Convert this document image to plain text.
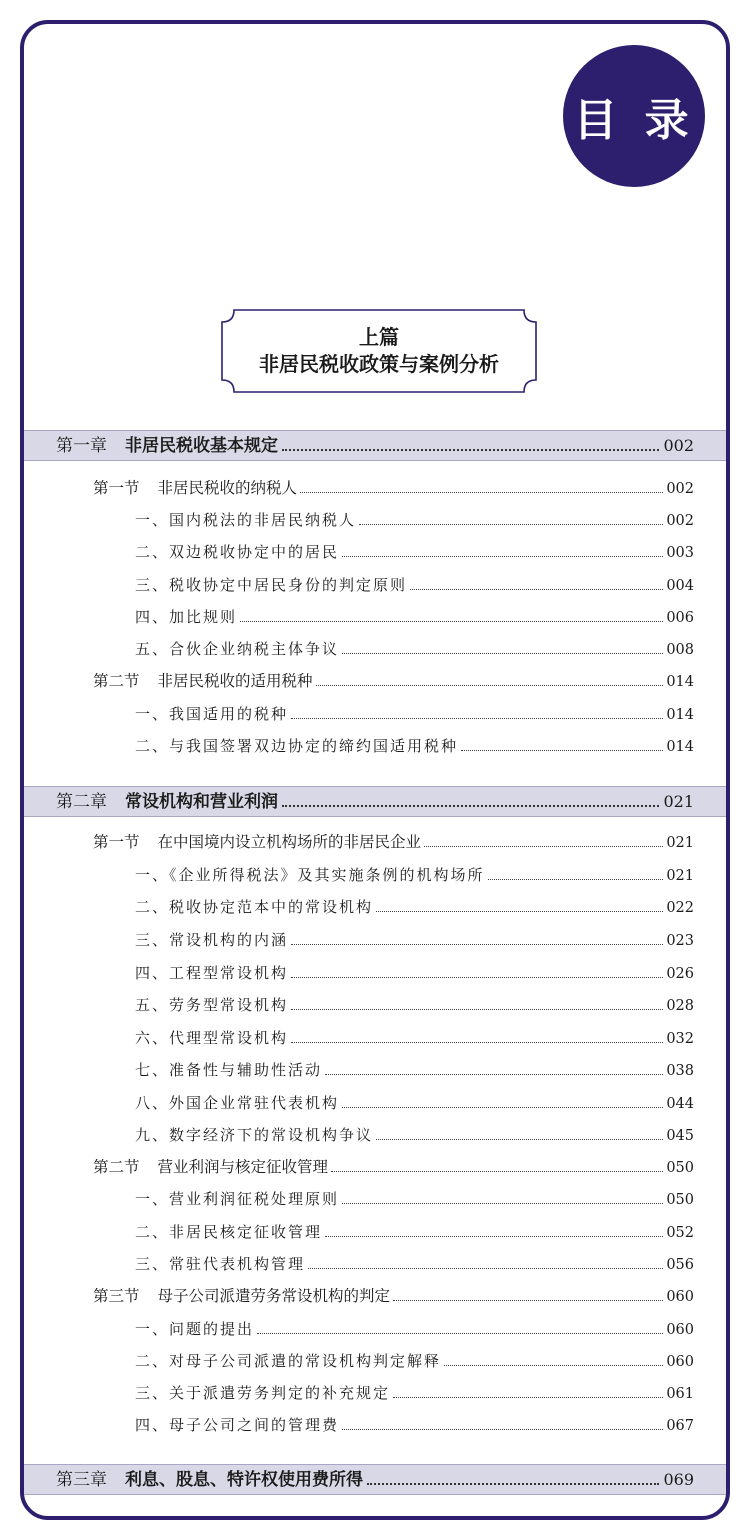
目 录
上篇
非居民税收政策与案例分析
第一章 非居民税收基本规定	002
第一节 非居民税收的纳税人	002
一、国内税法的非居民纳税人	002
二、双边税收协定中的居民	003
三、税收协定中居民身份的判定原则	004
四、加比规则	006
五、合伙企业纳税主体争议	008
第二节 非居民税收的适用税种	014
一、我国适用的税种	014
二、与我国签署双边协定的缔约国适用税种	014
第二章 常设机构和营业利润	021
第一节 在中国境内设立机构场所的非居民企业	021
一、《企业所得税法》及其实施条例的机构场所	021
二、税收协定范本中的常设机构	022
三、常设机构的内涵	023
四、工程型常设机构	026
五、劳务型常设机构	028
六、代理型常设机构	032
七、准备性与辅助性活动	038
八、外国企业常驻代表机构	044
九、数字经济下的常设机构争议	045
第二节 营业利润与核定征收管理	050
一、营业利润征税处理原则	050
二、非居民核定征收管理	052
三、常驻代表机构管理	056
第三节 母子公司派遣劳务常设机构的判定	060
一、问题的提出	060
二、对母子公司派遣的常设机构判定解释	060
三、关于派遣劳务判定的补充规定	061
四、母子公司之间的管理费	067
第三章 利息、股息、特许权使用费所得	069
